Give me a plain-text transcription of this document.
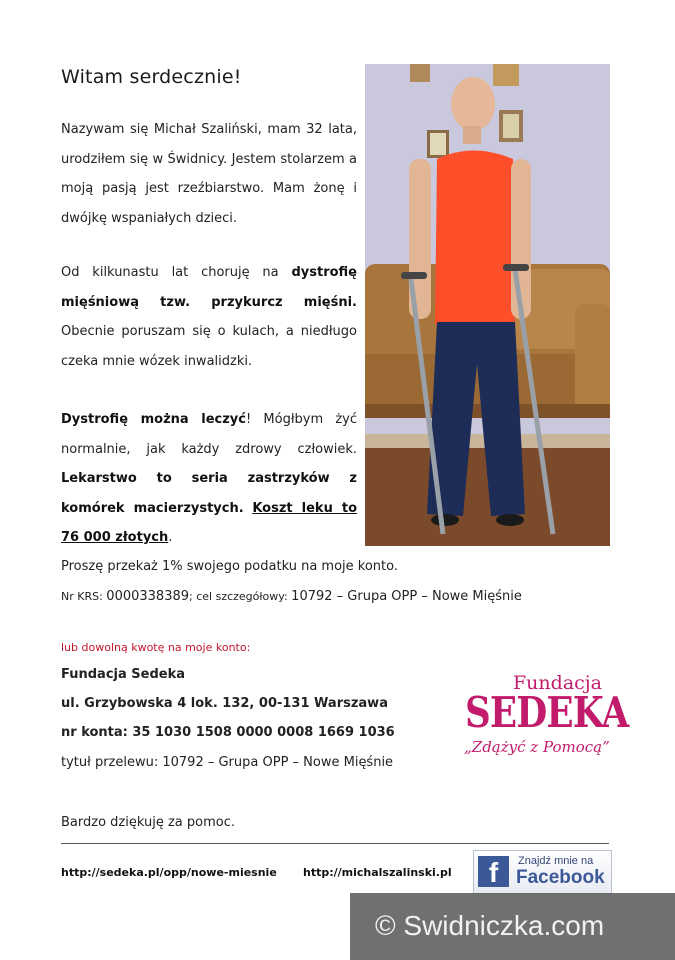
Witam serdecznie!
Nazywam się Michał Szaliński, mam 32 lata, urodziłem się w Świdnicy. Jestem stolarzem a moją pasją jest rzeźbiarstwo. Mam żonę i dwójkę wspaniałych dzieci.
Od kilkunastu lat choruję na dystrofię mięśniową tzw. przykurcz mięśni. Obecnie poruszam się o kulach, a niedługo czeka mnie wózek inwalidzki.
Dystrofię można leczyć! Mógłbym żyć normalnie, jak każdy zdrowy człowiek. Lekarstwo to seria zastrzyków z komórek macierzystych. Koszt leku to 76 000 złotych.
Proszę przekaż 1% swojego podatku na moje konto.
Nr KRS: 0000338389; cel szczegółowy: 10792 – Grupa OPP – Nowe Mięśnie
lub dowolną kwotę na moje konto:
Fundacja Sedeka
ul. Grzybowska 4 lok. 132, 00-131 Warszawa
nr konta: 35 1030 1508 0000 0008 1669 1036
tytuł przelewu: 10792 – Grupa OPP – Nowe Mięśnie
Bardzo dziękuję za pomoc.
Fundacja
SEDEKA
„Zdążyć z Pomocą”
http://sedeka.pl/opp/nowe-miesnie http://michalszalinski.pl	f	Znajdź mnie na
Facebook
© Swidniczka.com
